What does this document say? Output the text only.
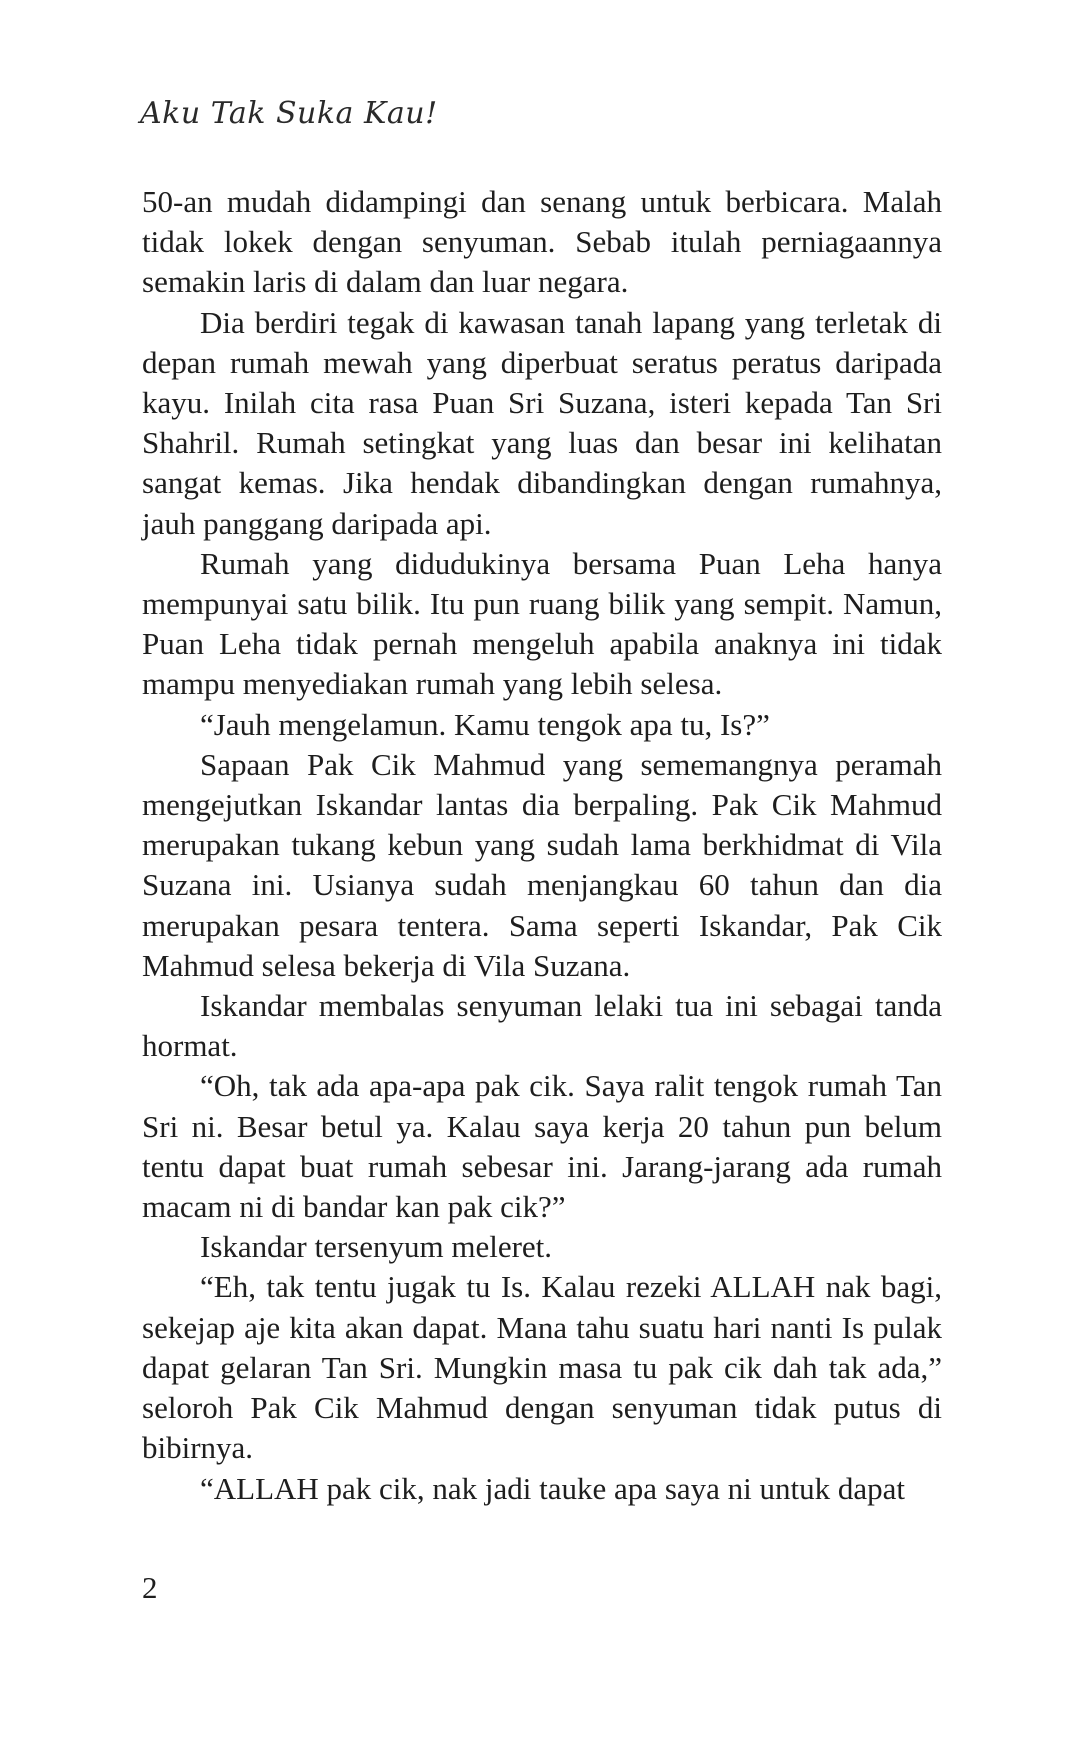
Aku Tak Suka Kau!

50-an mudah didampingi dan senang untuk berbicara. Malah tidak lokek dengan senyuman. Sebab itulah perniagaannya semakin laris di dalam dan luar negara.

Dia berdiri tegak di kawasan tanah lapang yang terletak di depan rumah mewah yang diperbuat seratus peratus daripada kayu. Inilah cita rasa Puan Sri Suzana, isteri kepada Tan Sri Shahril. Rumah setingkat yang luas dan besar ini kelihatan sangat kemas. Jika hendak dibandingkan dengan rumahnya, jauh panggang daripada api.

Rumah yang didudukinya bersama Puan Leha hanya mempunyai satu bilik. Itu pun ruang bilik yang sempit. Namun, Puan Leha tidak pernah mengeluh apabila anaknya ini tidak mampu menyediakan rumah yang lebih selesa.

“Jauh mengelamun. Kamu tengok apa tu, Is?”

Sapaan Pak Cik Mahmud yang sememangnya peramah mengejutkan Iskandar lantas dia berpaling. Pak Cik Mahmud merupakan tukang kebun yang sudah lama berkhidmat di Vila Suzana ini. Usianya sudah menjangkau 60 tahun dan dia merupakan pesara tentera. Sama seperti Iskandar, Pak Cik Mahmud selesa bekerja di Vila Suzana.

Iskandar membalas senyuman lelaki tua ini sebagai tanda hormat.

“Oh, tak ada apa-apa pak cik. Saya ralit tengok rumah Tan Sri ni. Besar betul ya. Kalau saya kerja 20 tahun pun belum tentu dapat buat rumah sebesar ini. Jarang-jarang ada rumah macam ni di bandar kan pak cik?”

Iskandar tersenyum meleret.

“Eh, tak tentu jugak tu Is. Kalau rezeki ALLAH nak bagi, sekejap aje kita akan dapat. Mana tahu suatu hari nanti Is pulak dapat gelaran Tan Sri. Mungkin masa tu pak cik dah tak ada,” seloroh Pak Cik Mahmud dengan senyuman tidak putus di bibirnya.

“ALLAH pak cik, nak jadi tauke apa saya ni untuk dapat

2
